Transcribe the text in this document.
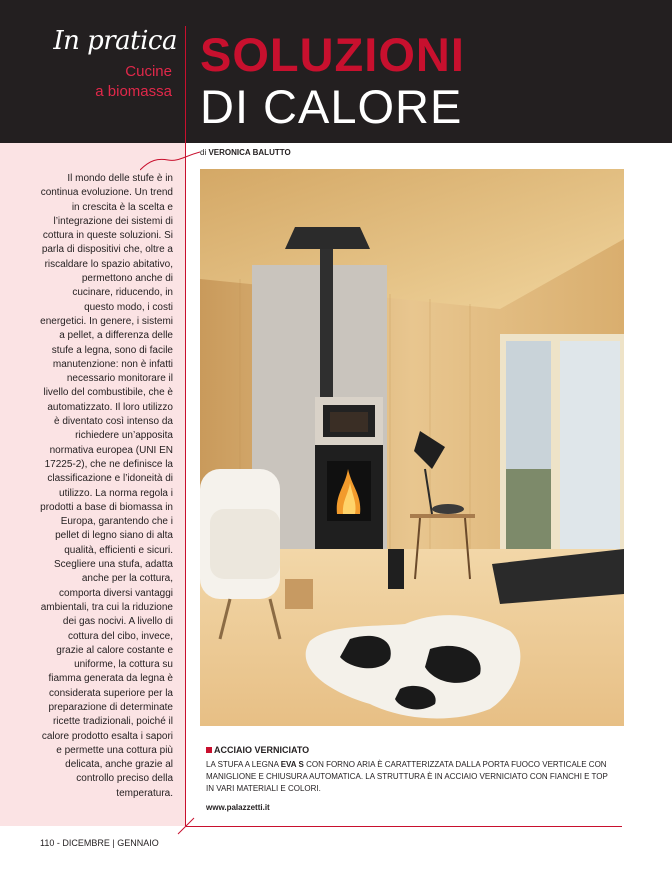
In pratica
Cucine
a biomassa
SOLUZIONI
DI CALORE
di VERONICA BALUTTO

Il mondo delle stufe è in continua evoluzione. Un trend in crescita è la scelta e l’integrazione dei sistemi di cottura in queste soluzioni. Si parla di dispositivi che, oltre a riscaldare lo spazio abitativo, permettono anche di cucinare, riducendo, in questo modo, i costi energetici. In genere, i sistemi a pellet, a differenza delle stufe a legna, sono di facile manutenzione: non è infatti necessario monitorare il livello del combustibile, che è automatizzato. Il loro utilizzo è diventato così intenso da richiedere un’apposita normativa europea (UNI EN 17225-2), che ne definisce la classificazione e l’idoneità di utilizzo. La norma regola i prodotti a base di biomassa in Europa, garantendo che i pellet di legno siano di alta qualità, efficienti e sicuri. Scegliere una stufa, adatta anche per la cottura, comporta diversi vantaggi ambientali, tra cui la riduzione dei gas nocivi. A livello di cottura del cibo, invece, grazie al calore costante e uniforme, la cottura su fiamma generata da legna è considerata superiore per la preparazione di determinate ricette tradizionali, poiché il calore prodotto esalta i sapori e permette una cottura più delicata, anche grazie al controllo preciso della temperatura.

ACCIAIO VERNICIATO
LA STUFA A LEGNA EVA S CON FORNO ARIA È CARATTERIZZATA DALLA PORTA FUOCO VERTICALE CON MANIGLIONE E CHIUSURA AUTOMATICA. LA STRUTTURA È IN ACCIAIO VERNICIATO CON FIANCHI E TOP IN VARI MATERIALI E COLORI.
www.palazzetti.it
110 - DICEMBRE | GENNAIO
